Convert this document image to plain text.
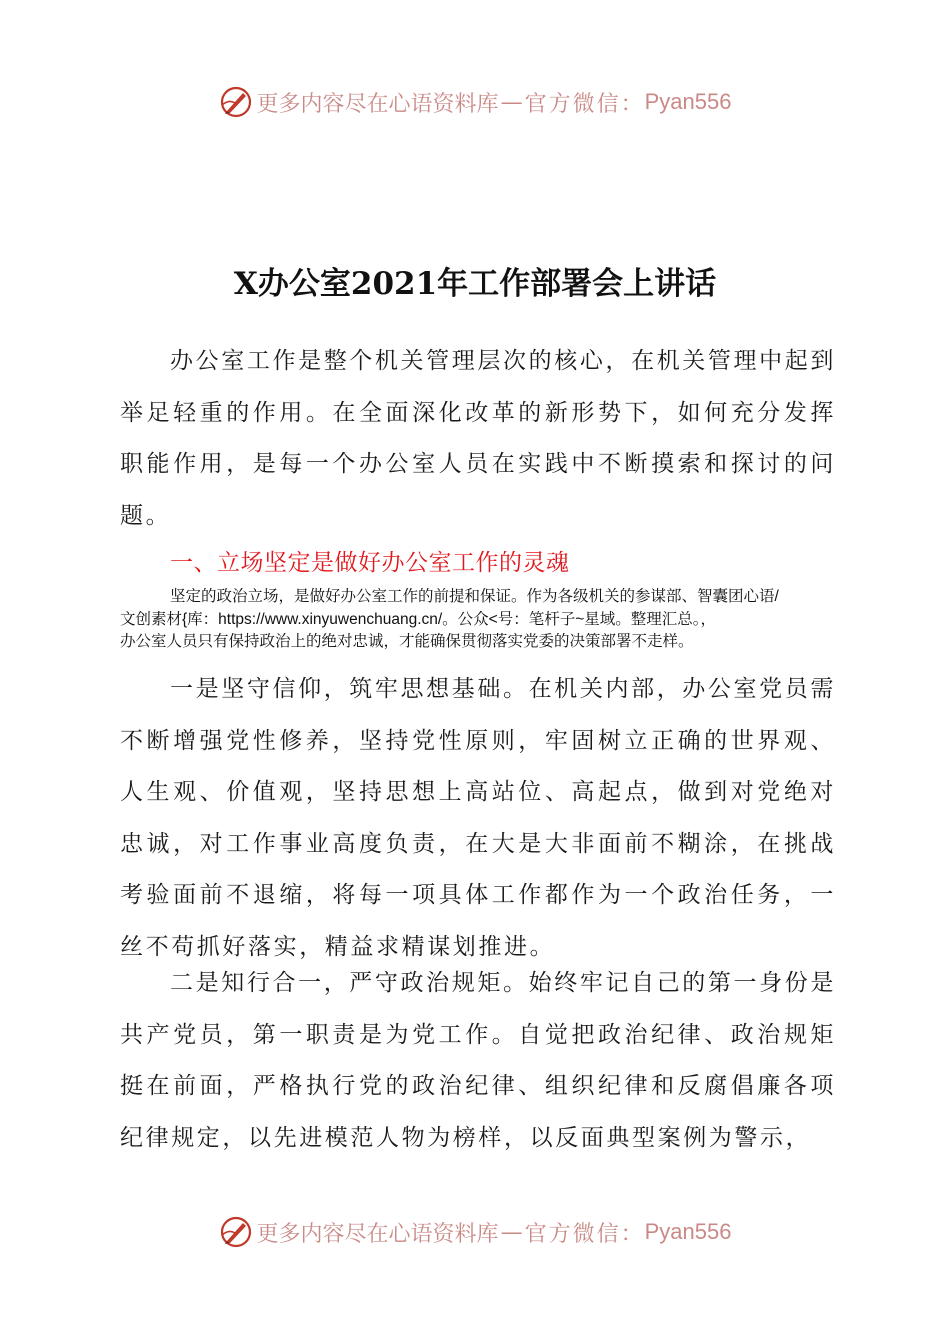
更多内容尽在心语资料库 — 官方微信： Pyan556
X办公室2021年工作部署会上讲话

办公室工作是整个机关管理层次的核心，在机关管理中起到举足轻重的作用。在全面深化改革的新形势下，如何充分发挥职能作用，是每一个办公室人员在实践中不断摸索和探讨的问题。

一、立场坚定是做好办公室工作的灵魂

坚定的政治立场，是做好办公室工作的前提和保证。作为各级机关的参谋部、智囊团心语/

文创素材{库：https://www.xinyuwenchuang.cn/。公众<号：笔杆子~星域。整理汇总。，

办公室人员只有保持政治上的绝对忠诚，才能确保贯彻落实党委的决策部署不走样。

一是坚守信仰，筑牢思想基础。在机关内部，办公室党员需不断增强党性修养，坚持党性原则，牢固树立正确的世界观、人生观、价值观，坚持思想上高站位、高起点，做到对党绝对忠诚，对工作事业高度负责，在大是大非面前不糊涂，在挑战考验面前不退缩，将每一项具体工作都作为一个政治任务，一丝不苟抓好落实，精益求精谋划推进。

二是知行合一，严守政治规矩。始终牢记自己的第一身份是共产党员，第一职责是为党工作。自觉把政治纪律、政治规矩挺在前面，严格执行党的政治纪律、组织纪律和反腐倡廉各项纪律规定，以先进模范人物为榜样，以反面典型案例为警示，

更多内容尽在心语资料库 — 官方微信： Pyan556
